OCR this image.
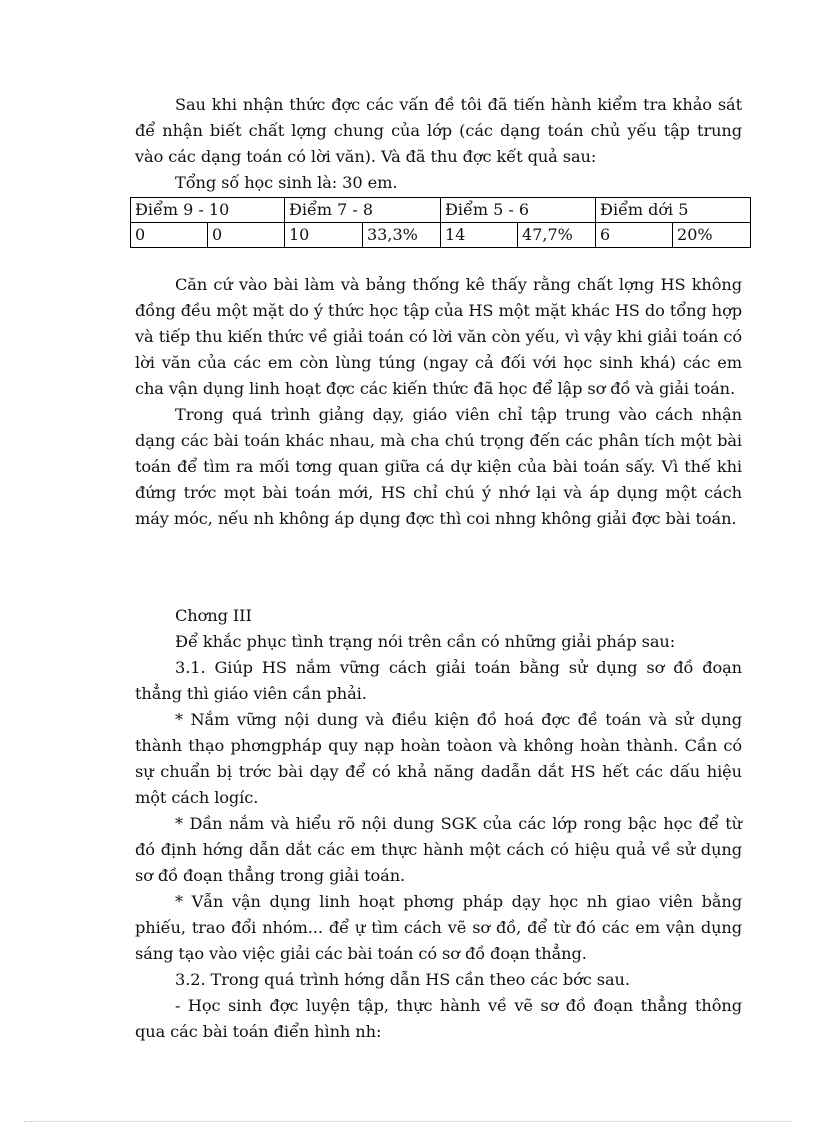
Sau khi nhận thức đợc các vấn đề tôi đã tiến hành kiểm tra khảo sát để nhận biết chất lợng chung của lớp (các dạng toán chủ yếu tập trung vào các dạng toán có lời văn). Và đã thu đợc kết quả sau:

Tổng số học sinh là: 30 em.

Điểm 9 - 10		Điểm 7 - 8		Điểm 5 - 6		Điểm dới 5	
0	0	10	33,3%	14	47,7%	6	20%

Căn cứ vào bài làm và bảng thống kê thấy rằng chất lợng HS không đồng đều một mặt do ý thức học tập của HS một mặt khác HS do tổng hợp và tiếp thu kiến thức về giải toán có lời văn còn yếu, vì vậy khi giải toán có lời văn của các em còn lùng túng (ngay cả đối với học sinh khá) các em cha vận dụng linh hoạt đợc các kiến thức đã học để lập sơ đồ và giải toán.

Trong quá trình giảng dạy, giáo viên chỉ tập trung vào cách nhận dạng các bài toán khác nhau, mà cha chú trọng đến các phân tích một bài toán để tìm ra mối tơng quan giữa cá dự kiện của bài toán sấy. Vì thế khi đứng trớc mọt bài toán mới, HS chỉ chú ý nhớ lại và áp dụng một cách máy móc, nếu nh không áp dụng đợc thì coi nhng không giải đợc bài toán.

Chơng III

Để khắc phục tình trạng nói trên cần có những giải pháp sau:

3.1. Giúp HS nắm vững cách giải toán bằng sử dụng sơ đồ đoạn thẳng thì giáo viên cần phải.

* Nắm vững nội dung và điều kiện đồ hoá đợc đề toán và sử dụng thành thạo phơngpháp quy nạp hoàn toàon và không hoàn thành. Cần có sự chuẩn bị trớc bài dạy để có khả năng dadẫn dắt HS hết các dấu hiệu một cách logíc.

* Dần nắm và hiểu rõ nội dung SGK của các lớp rong bậc học để từ đó định hớng dẫn dắt các em thực hành một cách có hiệu quả về sử dụng sơ đồ đoạn thẳng trong giải toán.

* Vẫn vận dụng linh hoạt phơng pháp dạy học nh giao viên bằng phiếu, trao đổi nhóm... để ự tìm cách vẽ sơ đồ, để từ đó các em vận dụng sáng tạo vào việc giải các bài toán có sơ đồ đoạn thẳng.

3.2. Trong quá trình hớng dẫn HS cần theo các bớc sau.

- Học sinh đợc luyện tập, thực hành về vẽ sơ đồ đoạn thẳng thông qua các bài toán điển hình nh:
